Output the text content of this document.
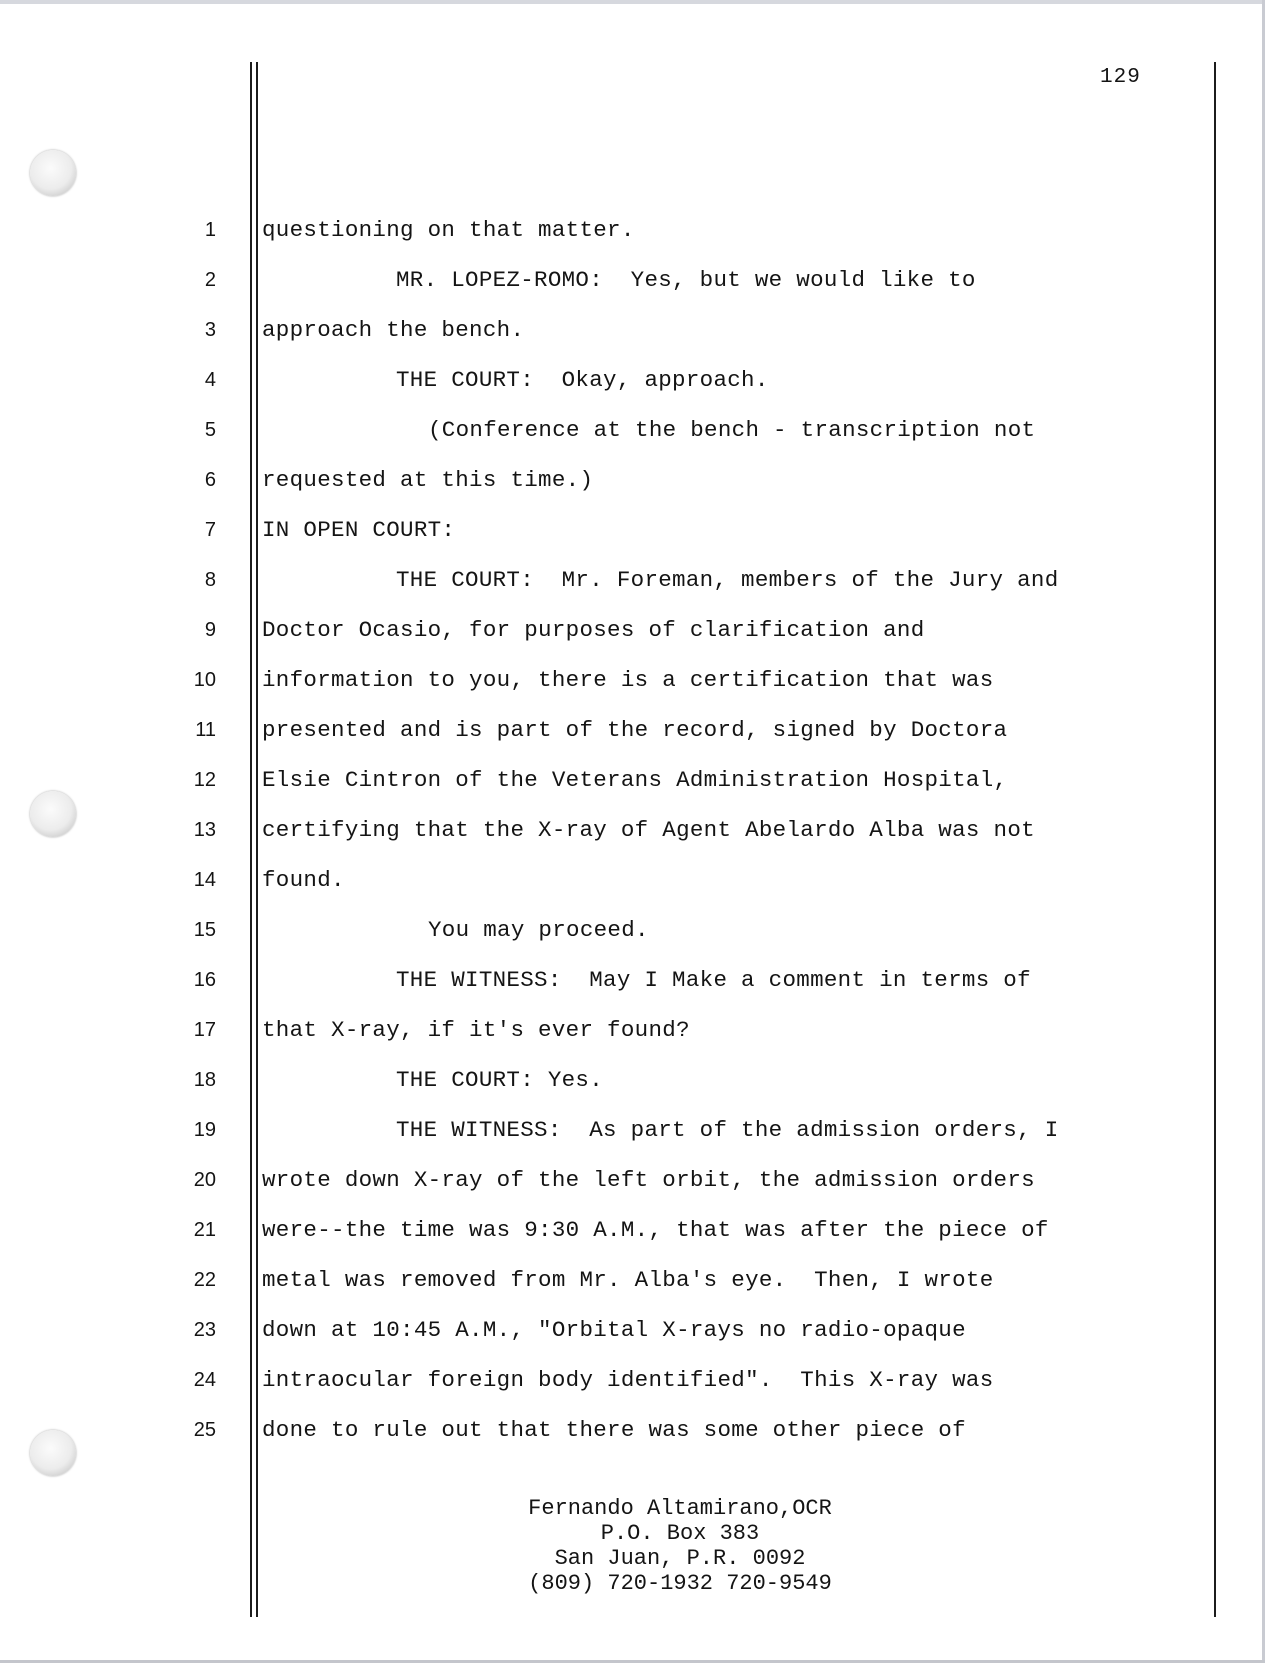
129
1
2
3
4
5
6
7
8
9
10
11
12
13
14
15
16
17
18
19
20
21
22
23
24
25
questioning on that matter.
MR. LOPEZ-ROMO:  Yes, but we would like to
approach the bench.
THE COURT:  Okay, approach.
(Conference at the bench - transcription not
requested at this time.)
IN OPEN COURT:
THE COURT:  Mr. Foreman, members of the Jury and
Doctor Ocasio, for purposes of clarification and
information to you, there is a certification that was
presented and is part of the record, signed by Doctora
Elsie Cintron of the Veterans Administration Hospital,
certifying that the X-ray of Agent Abelardo Alba was not
found.
You may proceed.
THE WITNESS:  May I Make a comment in terms of
that X-ray, if it's ever found?
THE COURT: Yes.
THE WITNESS:  As part of the admission orders, I
wrote down X-ray of the left orbit, the admission orders
were--the time was 9:30 A.M., that was after the piece of
metal was removed from Mr. Alba's eye.  Then, I wrote
down at 10:45 A.M., "Orbital X-rays no radio-opaque
intraocular foreign body identified".  This X-ray was
done to rule out that there was some other piece of
Fernando Altamirano,OCR
P.O. Box 383
San Juan, P.R. 0092
(809) 720-1932 720-9549
